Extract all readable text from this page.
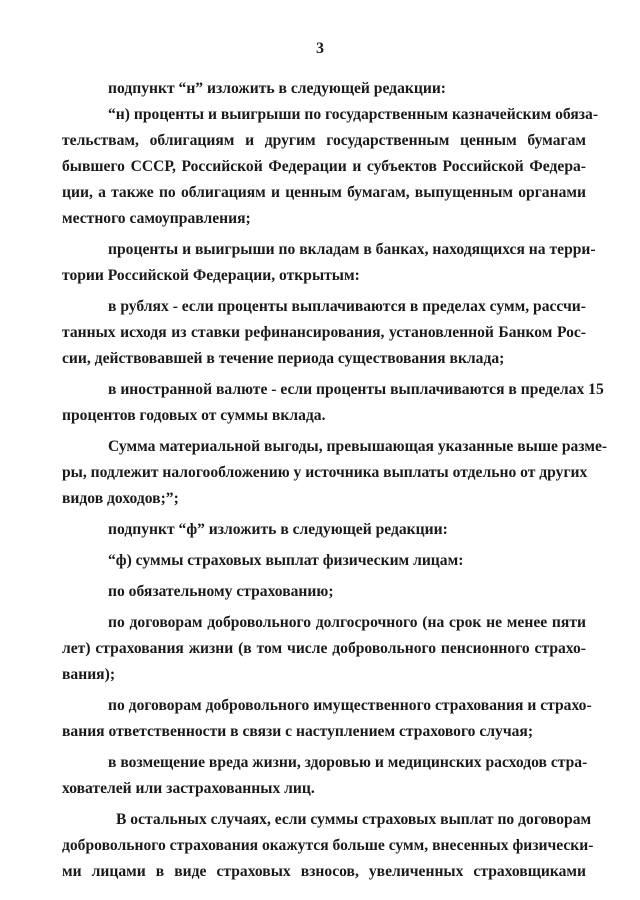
3
подпункт “н” изложить в следующей редакции:
“н) проценты и выигрыши по государственным казначейским обяза-
тельствам, облигациям и другим государственным ценным бумагам
бывшего СССР, Российской Федерации и субъектов Российской Федера-
ции, а также по облигациям и ценным бумагам, выпущенным органами
местного самоуправления;
проценты и выигрыши по вкладам в банках, находящихся на терри-
тории Российской Федерации, открытым:
в рублях - если проценты выплачиваются в пределах сумм, рассчи-
танных исходя из ставки рефинансирования, установленной Банком Рос-
сии, действовавшей в течение периода существования вклада;
в иностранной валюте - если проценты выплачиваются в пределах 15
процентов годовых от суммы вклада.
Сумма материальной выгоды, превышающая указанные выше разме-
ры, подлежит налогообложению у источника выплаты отдельно от других
видов доходов;”;
подпункт “ф” изложить в следующей редакции:
“ф) суммы страховых выплат физическим лицам:
по обязательному страхованию;
по договорам добровольного долгосрочного (на срок не менее пяти
лет) страхования жизни (в том числе добровольного пенсионного страхо-
вания);
по договорам добровольного имущественного страхования и страхо-
вания ответственности в связи с наступлением страхового случая;
в возмещение вреда жизни, здоровью и медицинских расходов стра-
хователей или застрахованных лиц.
В остальных случаях, если суммы страховых выплат по договорам
добровольного страхования окажутся больше сумм, внесенных физически-
ми лицами в виде страховых взносов, увеличенных страховщиками
